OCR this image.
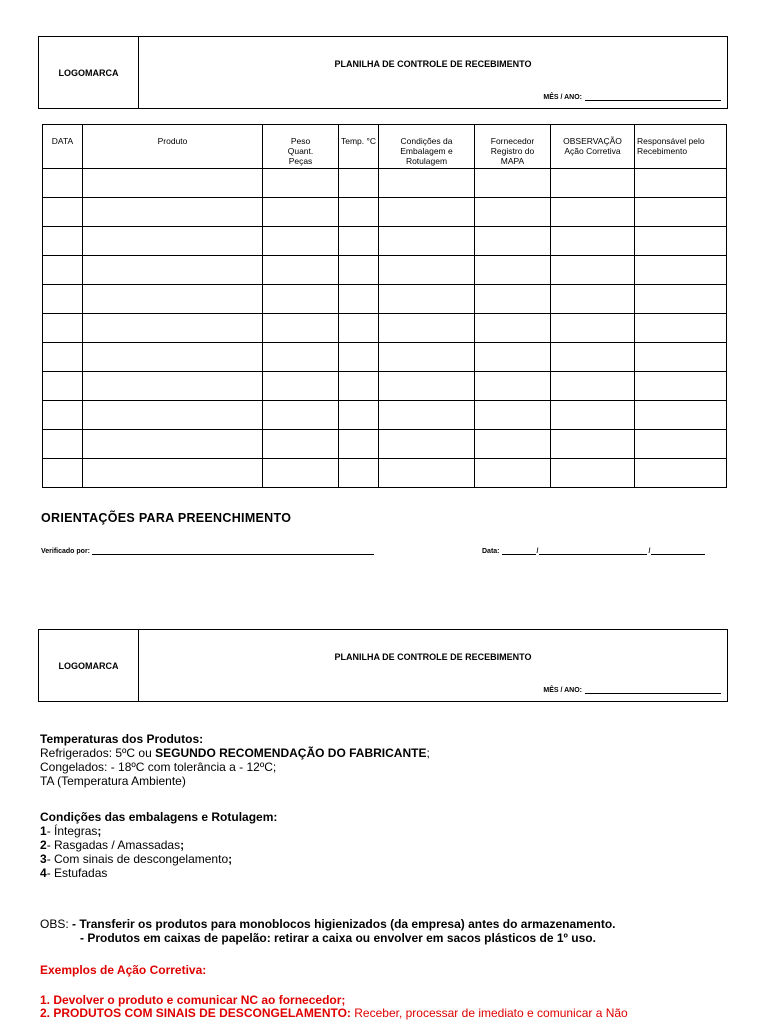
LOGOMARCA
PLANILHA DE CONTROLE DE RECEBIMENTO
MÊS / ANO:
DATA	Produto	Peso Quant. Peças	Temp. °C	Condições da Embalagem e Rotulagem	Fornecedor Registro do MAPA	OBSERVAÇÃO Ação Corretiva	Responsável pelo Recebimento

ORIENTAÇÕES PARA PREENCHIMENTO
Verificado por:	Data:	/	/
LOGOMARCA
PLANILHA DE CONTROLE DE RECEBIMENTO
MÊS / ANO:

Temperaturas dos Produtos:

Refrigerados: 5ºC ou SEGUNDO RECOMENDAÇÃO DO FABRICANTE;

Congelados: - 18ºC com tolerância a - 12ºC;

TA (Temperatura Ambiente)

Condições das embalagens e Rotulagem:

1- Íntegras;

2- Rasgadas / Amassadas;

3- Com sinais de descongelamento;

4- Estufadas

OBS: - Transferir os produtos para monoblocos higienizados (da empresa) antes do armazenamento.

- Produtos em caixas de papelão: retirar a caixa ou envolver em sacos plásticos de 1º uso.

Exemplos de Ação Corretiva:

1. Devolver o produto e comunicar NC ao fornecedor;

2. PRODUTOS COM SINAIS DE DESCONGELAMENTO: Receber, processar de imediato e comunicar a Não
